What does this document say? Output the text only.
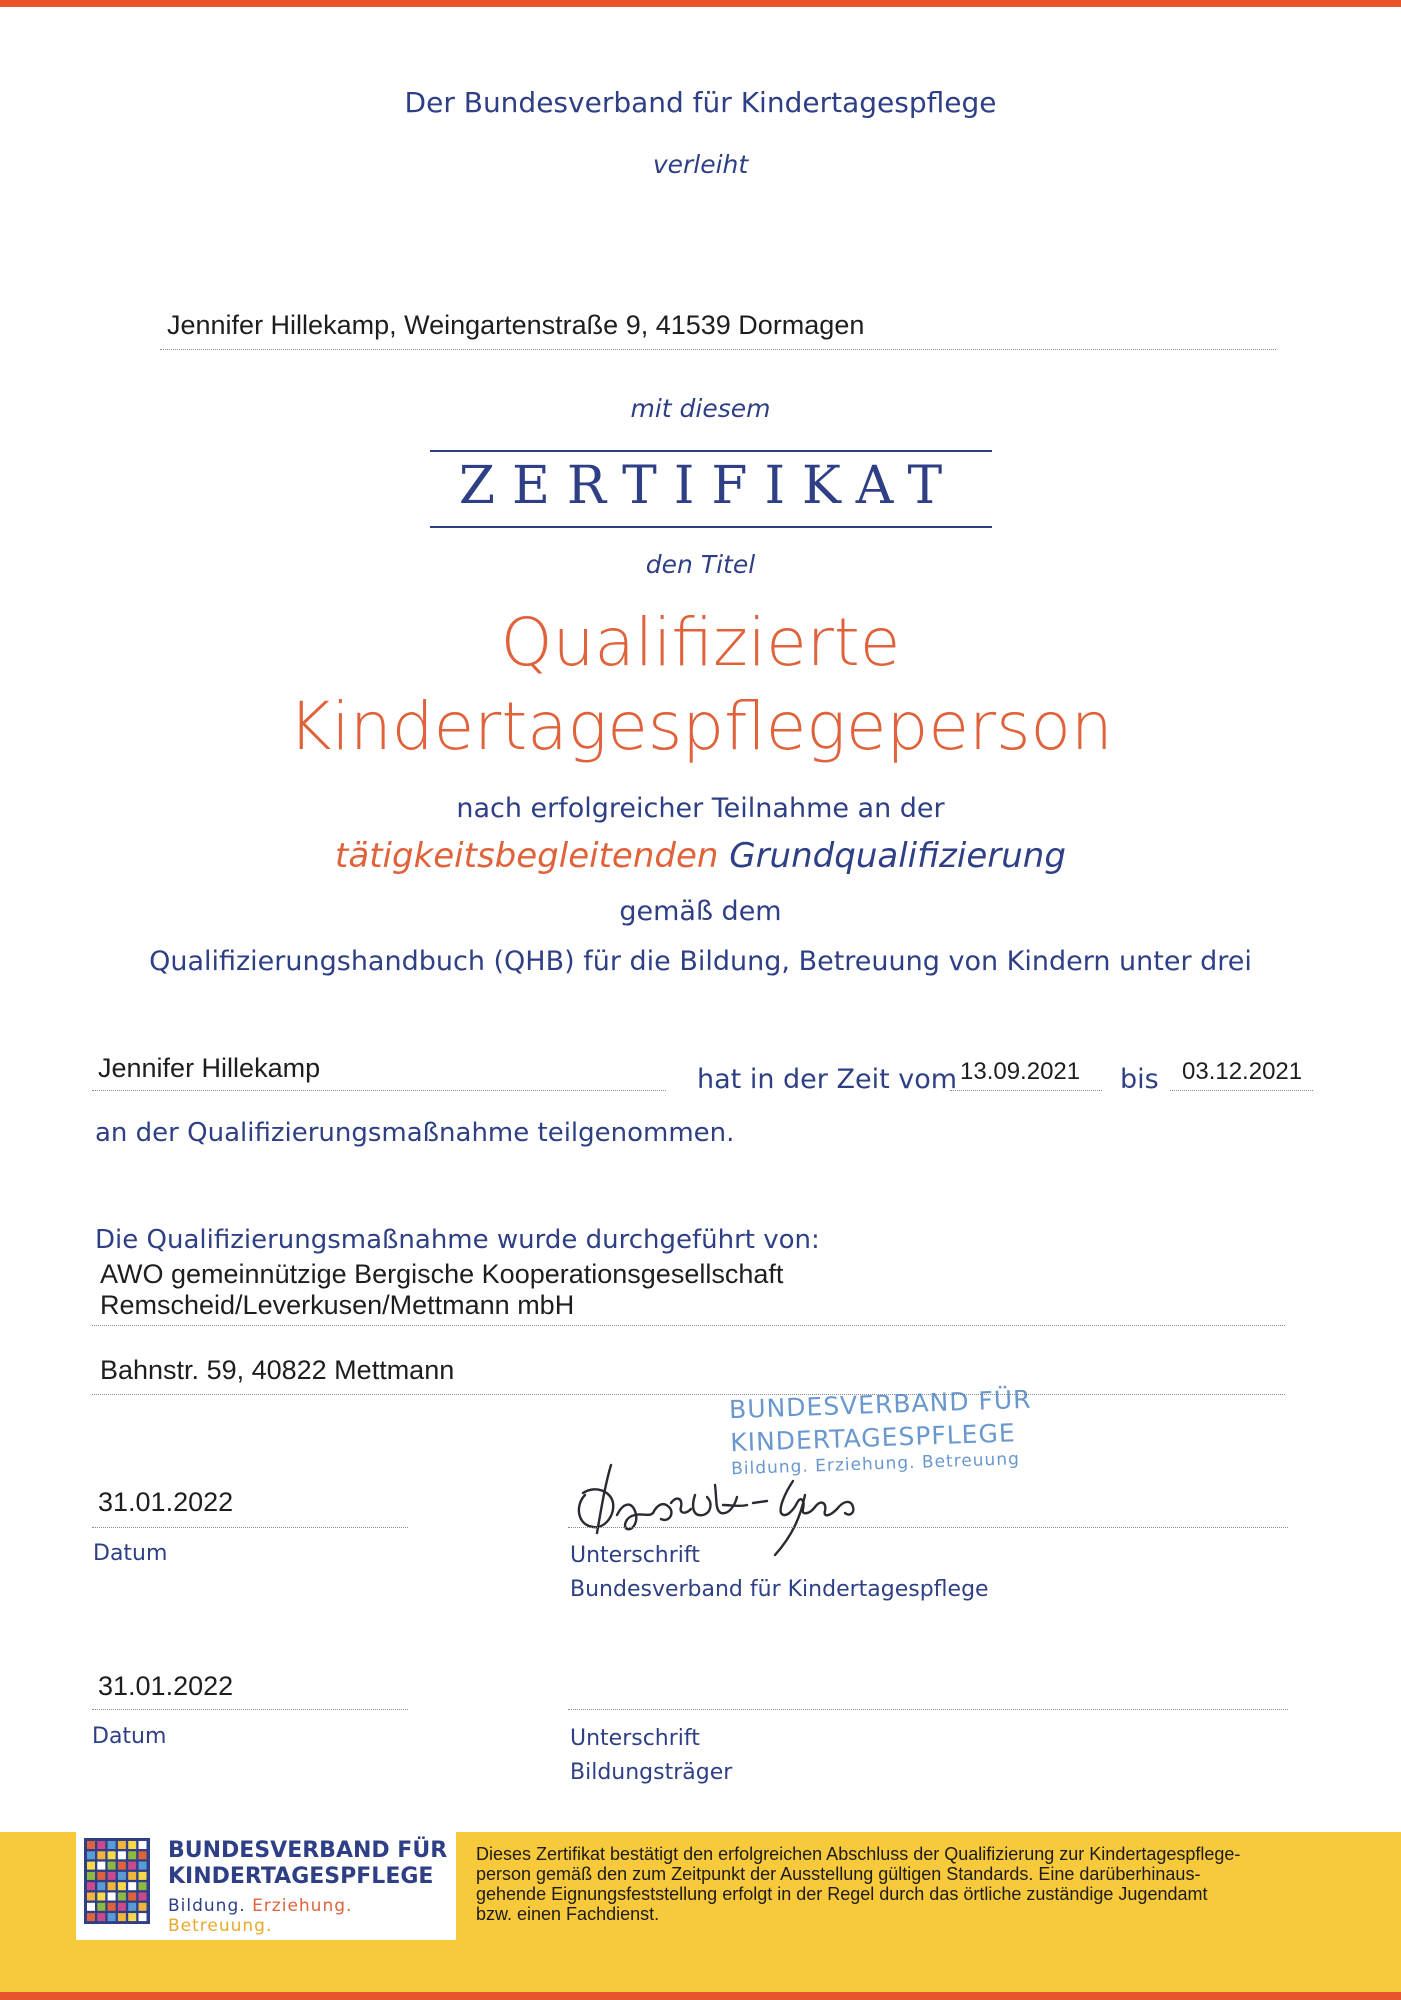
Der Bundesverband für Kindertagespflege
verleiht
Jennifer Hillekamp, Weingartenstraße 9, 41539 Dormagen
mit diesem
ZERTIFIKAT
den Titel
Qualifizierte
Kindertagespflegeperson
nach erfolgreicher Teilnahme an der
tätigkeitsbegleitenden Grundqualifizierung
gemäß dem
Qualifizierungshandbuch (QHB) für die Bildung, Betreuung von Kindern unter drei
Jennifer Hillekamp	hat in der Zeit vom 13.09.2021 bis 03.12.2021
an der Qualifizierungsmaßnahme teilgenommen.
Die Qualifizierungsmaßnahme wurde durchgeführt von:
AWO gemeinnützige Bergische Kooperationsgesellschaft
Remscheid/Leverkusen/Mettmann mbH
Bahnstr. 59, 40822 Mettmann
BUNDESVERBAND FÜR
KINDERTAGESPFLEGE
Bildung. Erziehung. Betreuung
31.01.2022
Datum	Unterschrift
Bundesverband für Kindertagespflege
31.01.2022
Datum	Unterschrift
Bildungsträger
BUNDESVERBAND FÜR
KINDERTAGESPFLEGE
Bildung. Erziehung. Betreuung.
Dieses Zertifikat bestätigt den erfolgreichen Abschluss der Qualifizierung zur Kindertagespflege-
person gemäß den zum Zeitpunkt der Ausstellung gültigen Standards. Eine darüberhinaus-
gehende Eignungsfeststellung erfolgt in der Regel durch das örtliche zuständige Jugendamt
bzw. einen Fachdienst.
